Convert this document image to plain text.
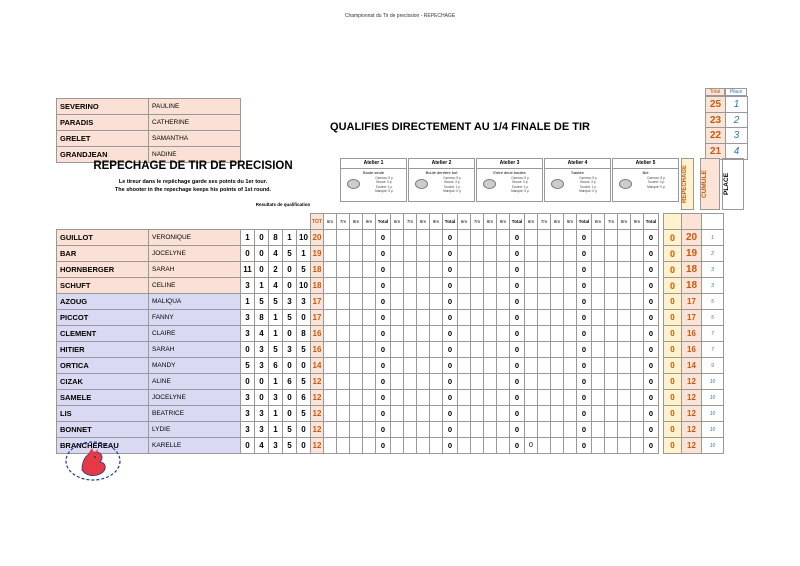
Championnat du Tir de precission - REPECHAGE
SEVERINO	PAULINE
PARADIS	CATHERINE
GRELET	SAMANTHA
GRANDJEAN	NADINE
QUALIFIES DIRECTEMENT AU 1/4 FINALE DE TIR
Total	Place
25	1
23	2
22	3
21	4
REPECHAGE DE TIR DE PRECISION
Le tireur dans le repêchage garde ses points du 1er tour.
The shooter in the repechage keeps his points of 1st round.
Resultats de qualification
Atelier 1
Boule seule
Carreau: 5 p
Bouce: 3 p
Touché: 1 p
Manqué: 0 p
Atelier 2
Boule derrière but
Carreau: 5 p
Bouce: 3 p
Touché: 1 p
Manqué: 0 p
Atelier 3
Entre deux boules
Carreau: 5 p
Bouce: 3 p
Touché: 1 p
Manqué: 0 p
Atelier 4
Sautée
Carreau: 5 p
Bouce: 3 p
Touché: 1 p
Manqué: 0 p
Atelier 5
But
Carreau: 5 p
Touché: 3 p
Manqué: 0 p	REPECHAGE	CUMULE	PLACE
							TOT	6m	7m	8m	9m	Total	6m	7m	8m	9m	Total	6m	7m	8m	9m	Total	6m	7m	8m	9m	Total	6m	7m	8m	9m	Total				
GUILLOT	VERONIQUE	1	0	8	1	10	20					0					0					0					0					0		0	20	1
BAR	JOCELYNE	0	0	4	5	1	19					0					0					0					0					0		0	19	2
HORNBERGER	SARAH	11	0	2	0	5	18					0					0					0					0					0		0	18	3
SCHUFT	CELINE	3	1	4	0	10	18					0					0					0					0					0		0	18	3
AZOUG	MALIQUA	1	5	5	3	3	17					0					0					0					0					0		0	17	5
PICCOT	FANNY	3	8	1	5	0	17					0					0					0					0					0		0	17	5
CLEMENT	CLAIRE	3	4	1	0	8	16					0					0					0					0					0		0	16	7
HITIER	SARAH	0	3	5	3	5	16					0					0					0					0					0		0	16	7
ORTICA	MANDY	5	3	6	0	0	14					0					0					0					0					0		0	14	9
CIZAK	ALINE	0	0	1	6	5	12					0					0					0					0					0		0	12	10
SAMELE	JOCELYNE	3	0	3	0	6	12					0					0					0					0					0		0	12	10
LIS	BEATRICE	3	3	1	0	5	12					0					0					0					0					0		0	12	10
BONNET	LYDIE	3	3	1	5	0	12					0					0					0					0					0		0	12	10
BRANCHEREAU	KARELLE	0	4	3	5	0	12					0					0					0	0				0					0		0	12	10
